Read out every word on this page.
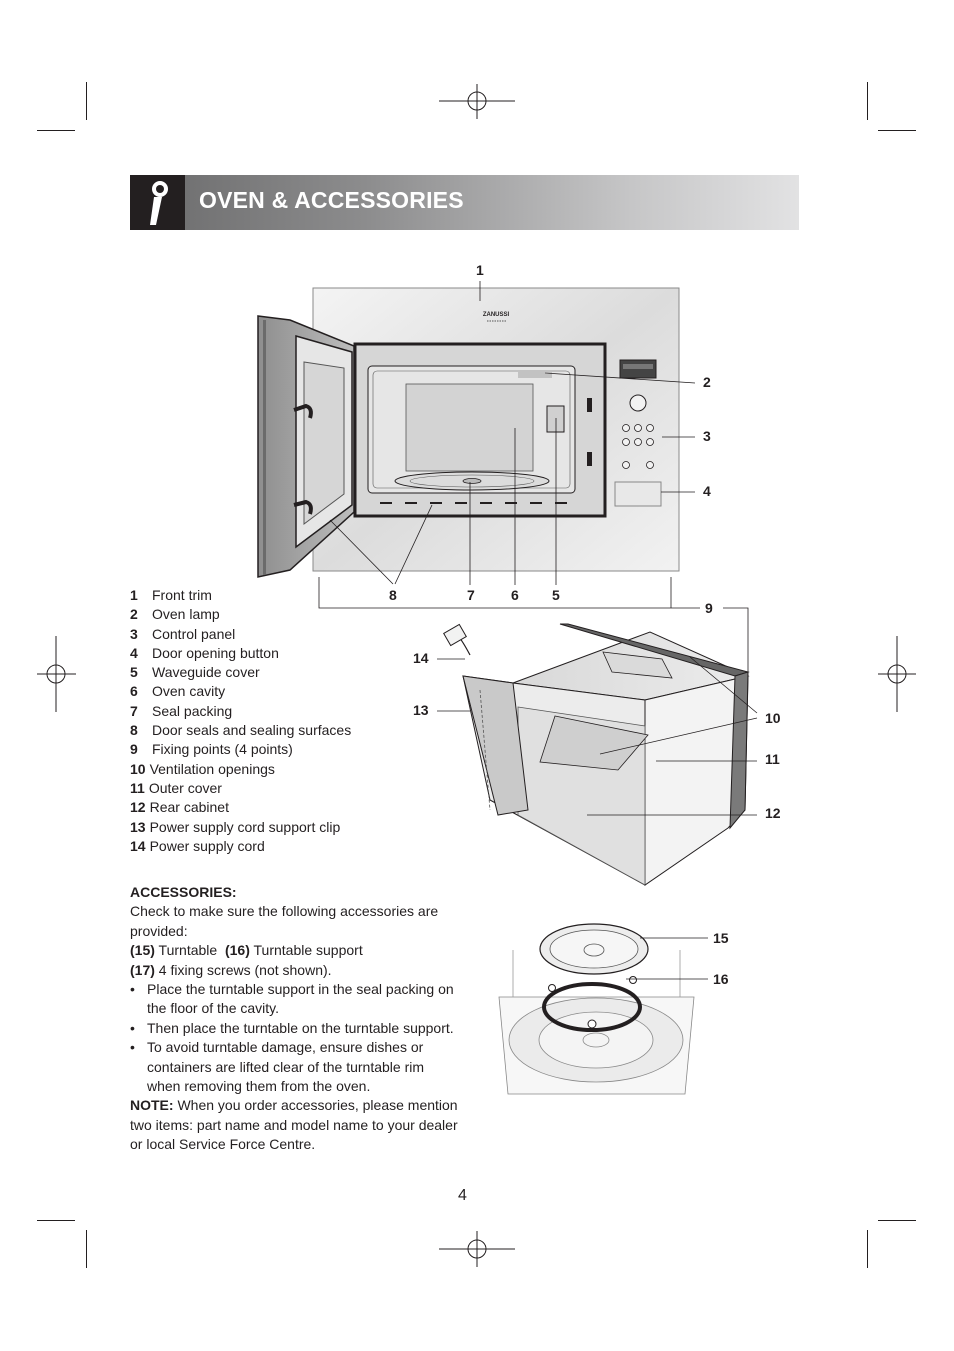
OVEN & ACCESSORIES
ZANUSSI
1
2
3
4
5
6
7
8
9
10
11
12
13
14
15
16
1 Front trim
2 Oven lamp
3 Control panel
4 Door opening button
5 Waveguide cover
6 Oven cavity
7 Seal packing
8 Door seals and sealing surfaces
9 Fixing points (4 points)
10 Ventilation openings
11 Outer cover
12 Rear cabinet
13 Power supply cord support clip
14 Power supply cord

ACCESSORIES:

Check to make sure the following accessories are provided:

(15) Turntable (16) Turntable support

(17) 4 fixing screws (not shown).

• Place the turntable support in the seal packing on the floor of the cavity.
• Then place the turntable on the turntable support.
• To avoid turntable damage, ensure dishes or containers are lifted clear of the turntable rim when removing them from the oven.

NOTE: When you order accessories, please mention two items: part name and model name to your dealer or local Service Force Centre.

4
